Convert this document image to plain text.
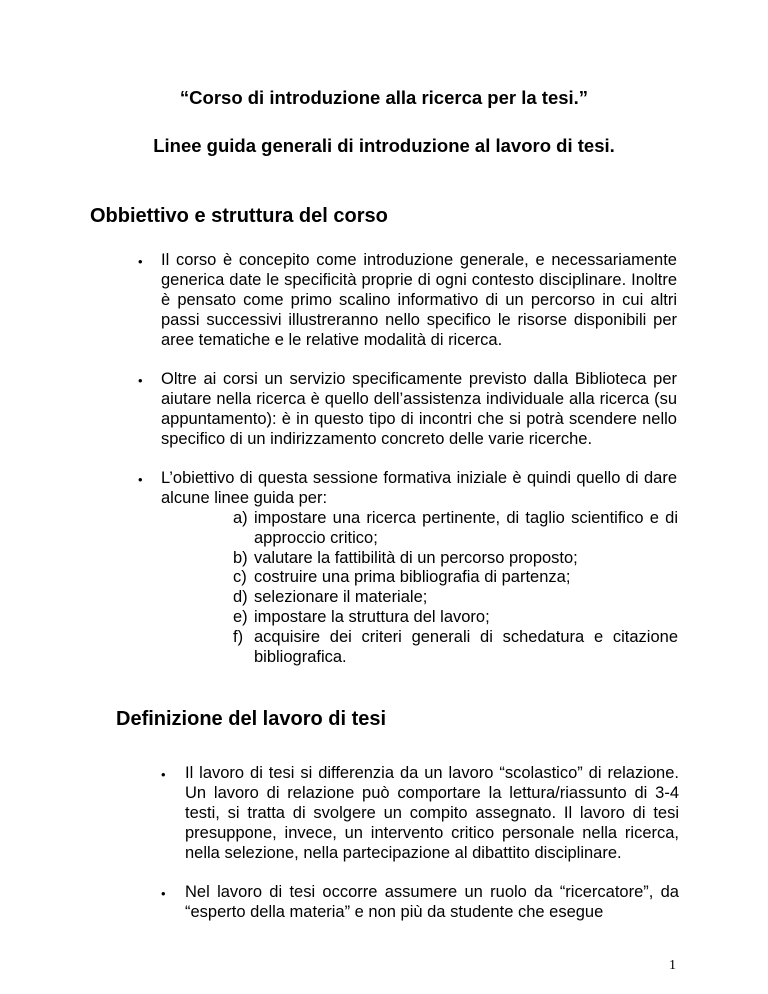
“Corso di introduzione alla ricerca per la tesi.”
Linee guida generali di introduzione al lavoro di tesi.
Obbiettivo e struttura del corso
• Il corso è concepito come introduzione generale, e necessariamente generica date le specificità proprie di ogni contesto disciplinare. Inoltre è pensato come primo scalino informativo di un percorso in cui altri passi successivi illustreranno nello specifico le risorse disponibili per aree tematiche e le relative modalità di ricerca.
• Oltre ai corsi un servizio specificamente previsto dalla Biblioteca per aiutare nella ricerca è quello dell’assistenza individuale alla ricerca (su appuntamento): è in questo tipo di incontri che si potrà scendere nello specifico di un indirizzamento concreto delle varie ricerche.
• L’obiettivo di questa sessione formativa iniziale è quindi quello di dare alcune linee guida per:
a) impostare una ricerca pertinente, di taglio scientifico e di approccio critico;
b) valutare la fattibilità di un percorso proposto;
c) costruire una prima bibliografia di partenza;
d) selezionare il materiale;
e) impostare la struttura del lavoro;
f) acquisire dei criteri generali di schedatura e citazione bibliografica.
Definizione del lavoro di tesi
• Il lavoro di tesi si differenzia da un lavoro “scolastico” di relazione. Un lavoro di relazione può comportare la lettura/riassunto di 3-4 testi, si tratta di svolgere un compito assegnato. Il lavoro di tesi presuppone, invece, un intervento critico personale nella ricerca, nella selezione, nella partecipazione al dibattito disciplinare.
• Nel lavoro di tesi occorre assumere un ruolo da “ricercatore”, da “esperto della materia” e non più da studente che esegue
1
